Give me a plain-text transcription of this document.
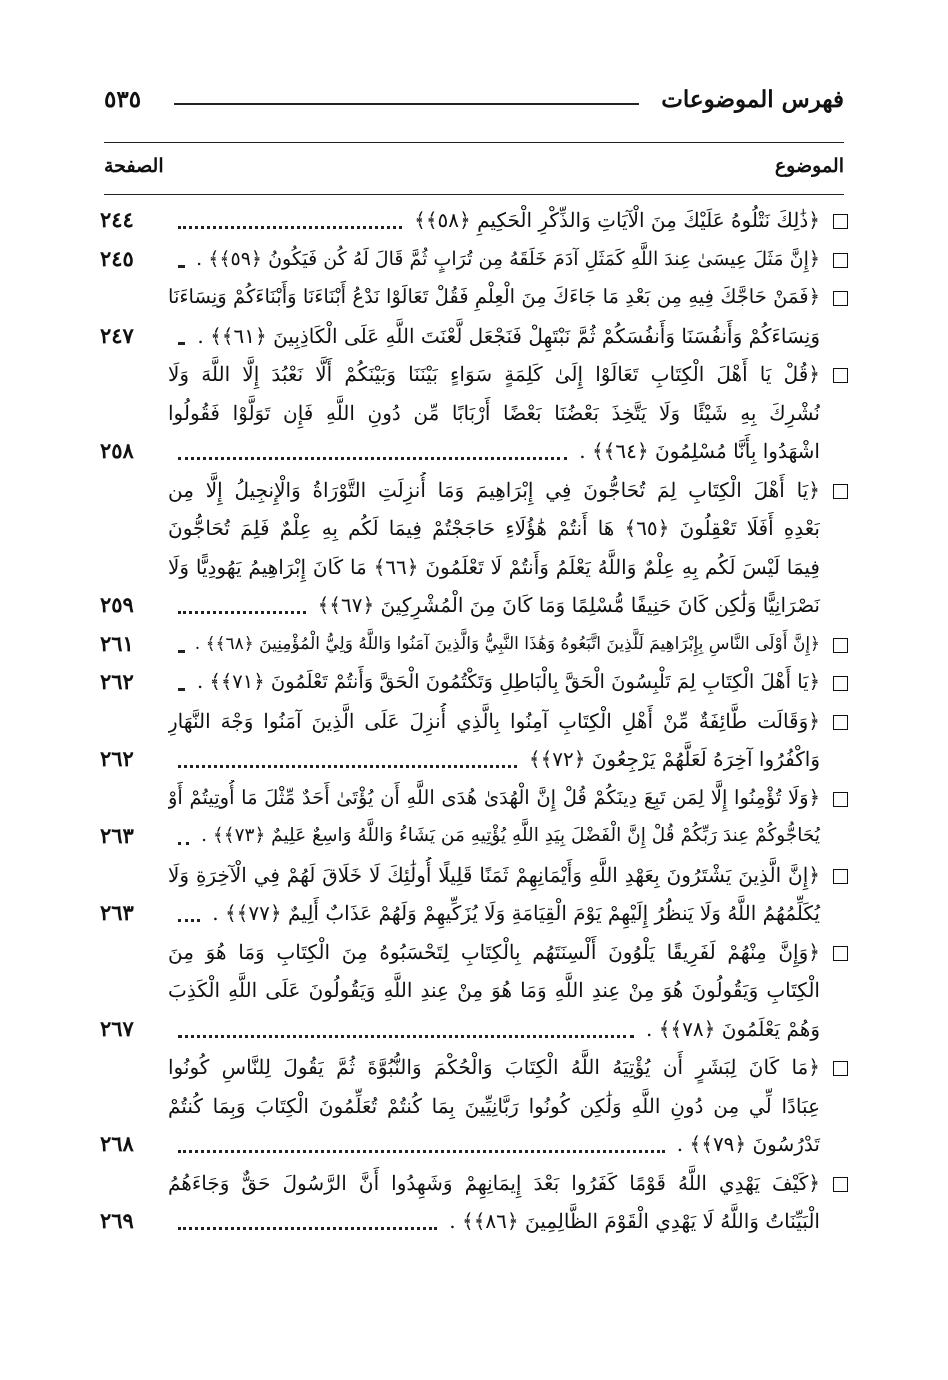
فهرس الموضوعات
٥٣٥
الموضوع
الصفحة
﴿ذَٰلِكَ نَتْلُوهُ عَلَيْكَ مِنَ الْآيَاتِ وَالذِّكْرِ الْحَكِيمِ ﴿٥٨﴾﴾
٢٤٤
﴿إِنَّ مَثَلَ عِيسَىٰ عِندَ اللَّهِ كَمَثَلِ آدَمَ خَلَقَهُ مِن تُرَابٍ ثُمَّ قَالَ لَهُ كُن فَيَكُونُ ﴿٥٩﴾﴾ .
٢٤٥
﴿فَمَنْ حَاجَّكَ فِيهِ مِن بَعْدِ مَا جَاءَكَ مِنَ الْعِلْمِ فَقُلْ تَعَالَوْا نَدْعُ أَبْنَاءَنَا وَأَبْنَاءَكُمْ وَنِسَاءَنَا
وَنِسَاءَكُمْ وَأَنفُسَنَا وَأَنفُسَكُمْ ثُمَّ نَبْتَهِلْ فَنَجْعَل لَّعْنَتَ اللَّهِ عَلَى الْكَاذِبِينَ ﴿٦١﴾﴾ .
٢٤٧
﴿قُلْ يَا أَهْلَ الْكِتَابِ تَعَالَوْا إِلَىٰ كَلِمَةٍ سَوَاءٍ بَيْنَنَا وَبَيْنَكُمْ أَلَّا نَعْبُدَ إِلَّا اللَّهَ وَلَا
نُشْرِكَ بِهِ شَيْئًا وَلَا يَتَّخِذَ بَعْضُنَا بَعْضًا أَرْبَابًا مِّن دُونِ اللَّهِ فَإِن تَوَلَّوْا فَقُولُوا
اشْهَدُوا بِأَنَّا مُسْلِمُونَ ﴿٦٤﴾﴾ .
٢٥٨
﴿يَا أَهْلَ الْكِتَابِ لِمَ تُحَاجُّونَ فِي إِبْرَاهِيمَ وَمَا أُنزِلَتِ التَّوْرَاةُ وَالْإِنجِيلُ إِلَّا مِن
بَعْدِهِ أَفَلَا تَعْقِلُونَ ﴿٦٥﴾ هَا أَنتُمْ هَٰؤُلَاءِ حَاجَجْتُمْ فِيمَا لَكُم بِهِ عِلْمٌ فَلِمَ تُحَاجُّونَ
فِيمَا لَيْسَ لَكُم بِهِ عِلْمٌ وَاللَّهُ يَعْلَمُ وَأَنتُمْ لَا تَعْلَمُونَ ﴿٦٦﴾ مَا كَانَ إِبْرَاهِيمُ يَهُودِيًّا وَلَا
نَصْرَانِيًّا وَلَٰكِن كَانَ حَنِيفًا مُّسْلِمًا وَمَا كَانَ مِنَ الْمُشْرِكِينَ ﴿٦٧﴾﴾
٢٥٩
﴿إِنَّ أَوْلَى النَّاسِ بِإِبْرَاهِيمَ لَلَّذِينَ اتَّبَعُوهُ وَهَٰذَا النَّبِيُّ وَالَّذِينَ آمَنُوا وَاللَّهُ وَلِيُّ الْمُؤْمِنِينَ ﴿٦٨﴾﴾ .
٢٦١
﴿يَا أَهْلَ الْكِتَابِ لِمَ تَلْبِسُونَ الْحَقَّ بِالْبَاطِلِ وَتَكْتُمُونَ الْحَقَّ وَأَنتُمْ تَعْلَمُونَ ﴿٧١﴾﴾ .
٢٦٢
﴿وَقَالَت طَّائِفَةٌ مِّنْ أَهْلِ الْكِتَابِ آمِنُوا بِالَّذِي أُنزِلَ عَلَى الَّذِينَ آمَنُوا وَجْهَ النَّهَارِ
وَاكْفُرُوا آخِرَهُ لَعَلَّهُمْ يَرْجِعُونَ ﴿٧٢﴾﴾
٢٦٢
﴿وَلَا تُؤْمِنُوا إِلَّا لِمَن تَبِعَ دِينَكُمْ قُلْ إِنَّ الْهُدَىٰ هُدَى اللَّهِ أَن يُؤْتَىٰ أَحَدٌ مِّثْلَ مَا أُوتِيتُمْ أَوْ
يُحَاجُّوكُمْ عِندَ رَبِّكُمْ قُلْ إِنَّ الْفَضْلَ بِيَدِ اللَّهِ يُؤْتِيهِ مَن يَشَاءُ وَاللَّهُ وَاسِعٌ عَلِيمٌ ﴿٧٣﴾﴾ .
٢٦٣
﴿إِنَّ الَّذِينَ يَشْتَرُونَ بِعَهْدِ اللَّهِ وَأَيْمَانِهِمْ ثَمَنًا قَلِيلًا أُولَٰئِكَ لَا خَلَاقَ لَهُمْ فِي الْآخِرَةِ وَلَا
يُكَلِّمُهُمُ اللَّهُ وَلَا يَنظُرُ إِلَيْهِمْ يَوْمَ الْقِيَامَةِ وَلَا يُزَكِّيهِمْ وَلَهُمْ عَذَابٌ أَلِيمٌ ﴿٧٧﴾﴾ .
٢٦٣
﴿وَإِنَّ مِنْهُمْ لَفَرِيقًا يَلْوُونَ أَلْسِنَتَهُم بِالْكِتَابِ لِتَحْسَبُوهُ مِنَ الْكِتَابِ وَمَا هُوَ مِنَ
الْكِتَابِ وَيَقُولُونَ هُوَ مِنْ عِندِ اللَّهِ وَمَا هُوَ مِنْ عِندِ اللَّهِ وَيَقُولُونَ عَلَى اللَّهِ الْكَذِبَ
وَهُمْ يَعْلَمُونَ ﴿٧٨﴾﴾ .
٢٦٧
﴿مَا كَانَ لِبَشَرٍ أَن يُؤْتِيَهُ اللَّهُ الْكِتَابَ وَالْحُكْمَ وَالنُّبُوَّةَ ثُمَّ يَقُولَ لِلنَّاسِ كُونُوا
عِبَادًا لِّي مِن دُونِ اللَّهِ وَلَٰكِن كُونُوا رَبَّانِيِّينَ بِمَا كُنتُمْ تُعَلِّمُونَ الْكِتَابَ وَبِمَا كُنتُمْ
تَدْرُسُونَ ﴿٧٩﴾﴾ .
٢٦٨
﴿كَيْفَ يَهْدِي اللَّهُ قَوْمًا كَفَرُوا بَعْدَ إِيمَانِهِمْ وَشَهِدُوا أَنَّ الرَّسُولَ حَقٌّ وَجَاءَهُمُ
الْبَيِّنَاتُ وَاللَّهُ لَا يَهْدِي الْقَوْمَ الظَّالِمِينَ ﴿٨٦﴾﴾ .
٢٦٩
